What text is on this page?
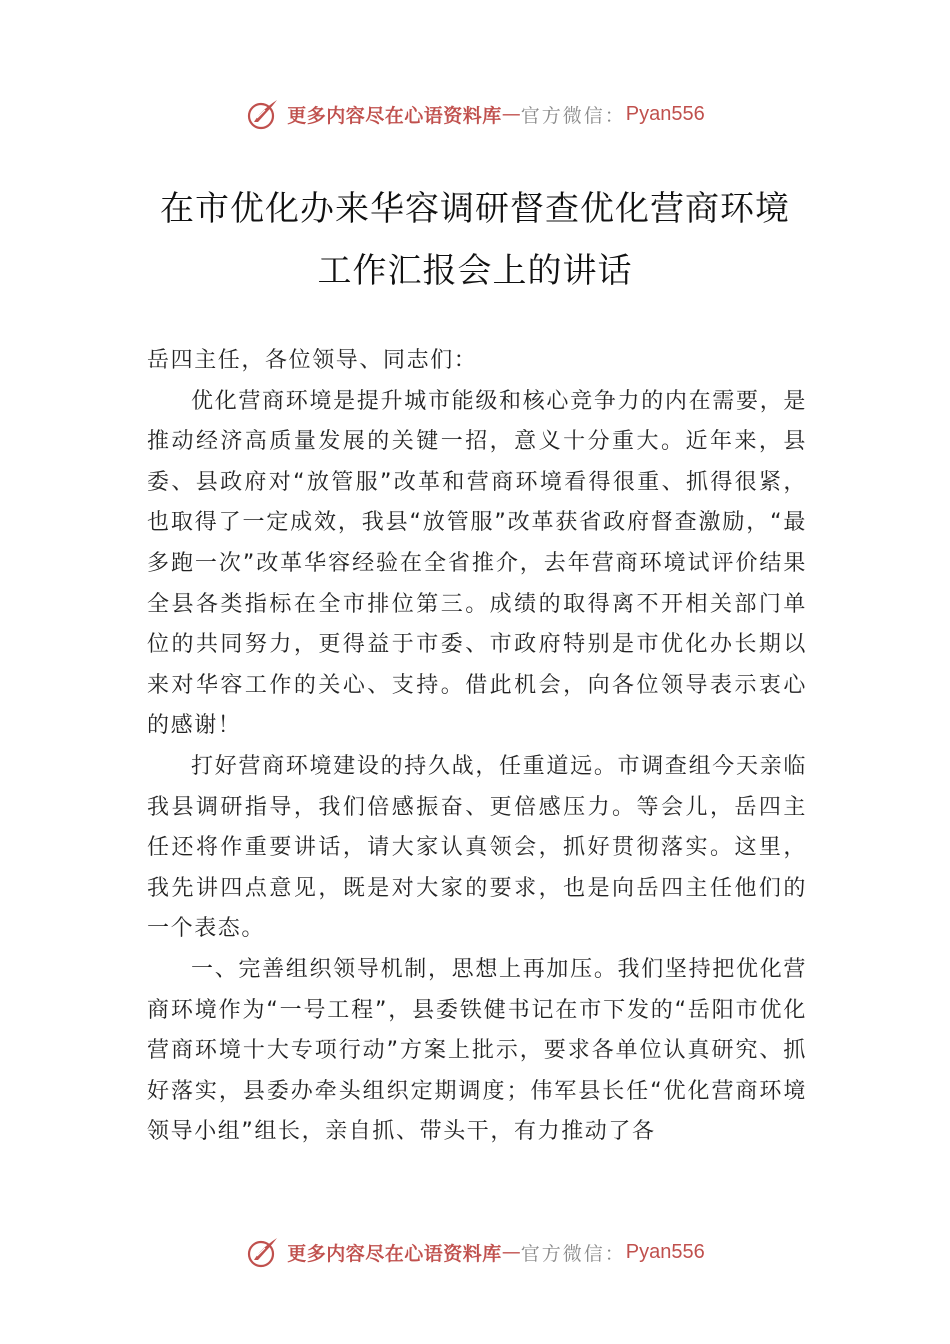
更多内容尽在心语资料库 — 官方微信： Pyan556
在市优化办来华容调研督查优化营商环境
工作汇报会上的讲话

岳四主任，各位领导、同志们：

优化营商环境是提升城市能级和核心竞争力的内在需要，是推动经济高质量发展的关键一招，意义十分重大。近年来，县委、县政府对“放管服”改革和营商环境看得很重、抓得很紧，也取得了一定成效，我县“放管服”改革获省政府督查激励，“最多跑一次”改革华容经验在全省推介，去年营商环境试评价结果全县各类指标在全市排位第三。成绩的取得离不开相关部门单位的共同努力，更得益于市委、市政府特别是市优化办长期以来对华容工作的关心、支持。借此机会，向各位领导表示衷心的感谢！

打好营商环境建设的持久战，任重道远。市调查组今天亲临我县调研指导，我们倍感振奋、更倍感压力。等会儿，岳四主任还将作重要讲话，请大家认真领会，抓好贯彻落实。这里，我先讲四点意见，既是对大家的要求，也是向岳四主任他们的一个表态。

一、完善组织领导机制，思想上再加压。我们坚持把优化营商环境作为“一号工程”，县委铁健书记在市下发的“岳阳市优化营商环境十大专项行动”方案上批示，要求各单位认真研究、抓好落实，县委办牵头组织定期调度；伟军县长任“优化营商环境领导小组”组长，亲自抓、带头干，有力推动了各

更多内容尽在心语资料库 — 官方微信： Pyan556
